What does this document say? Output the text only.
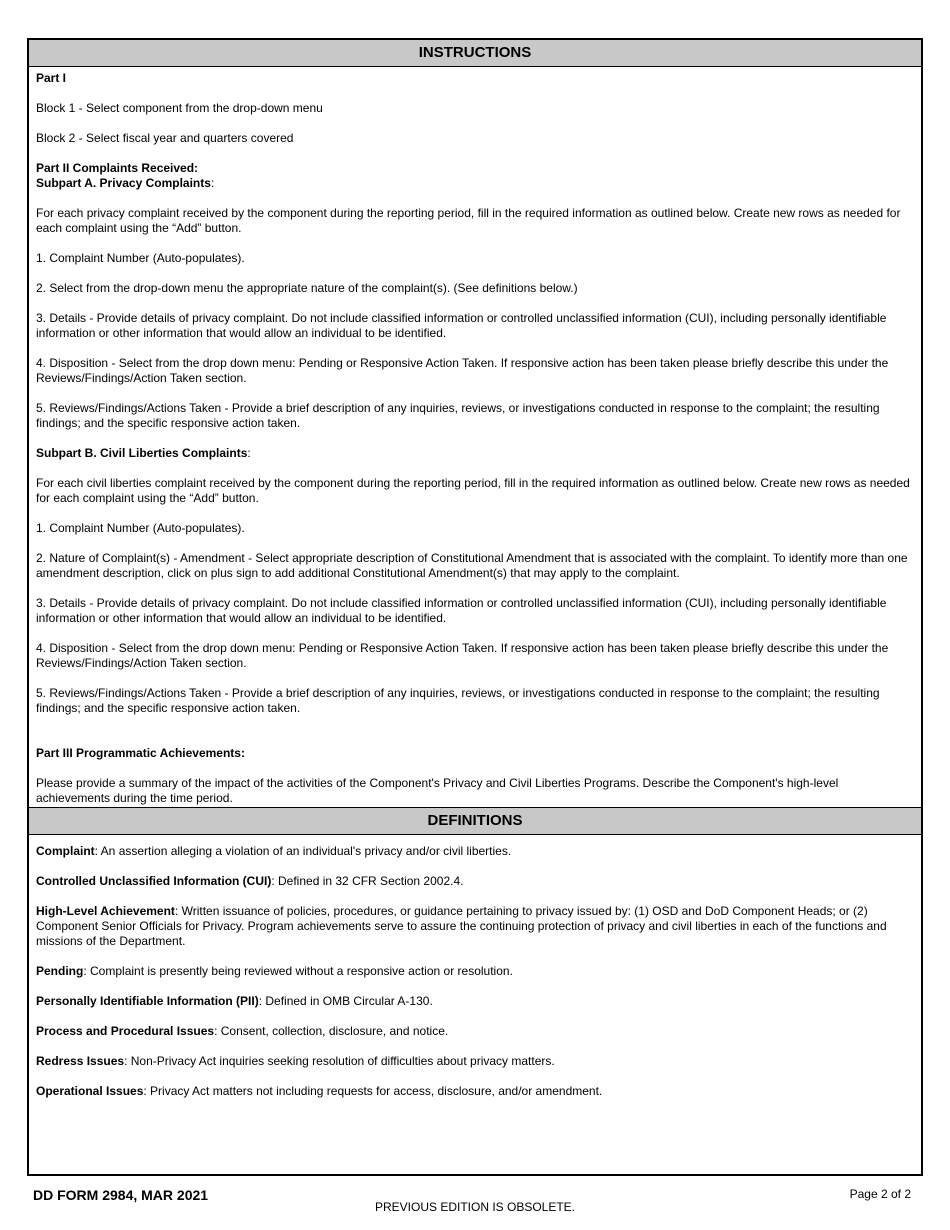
INSTRUCTIONS
Part I
Block 1 - Select component from the drop-down menu
Block 2 - Select fiscal year and quarters covered
Part II Complaints Received:
Subpart A. Privacy Complaints:
For each privacy complaint received by the component during the reporting period, fill in the required information as outlined below. Create new rows as needed for each complaint using the “Add” button.
1. Complaint Number (Auto-populates).
2. Select from the drop-down menu the appropriate nature of the complaint(s). (See definitions below.)
3. Details - Provide details of privacy complaint. Do not include classified information or controlled unclassified information (CUI), including personally identifiable information or other information that would allow an individual to be identified.
4. Disposition - Select from the drop down menu: Pending or Responsive Action Taken. If responsive action has been taken please briefly describe this under the Reviews/Findings/Action Taken section.
5. Reviews/Findings/Actions Taken - Provide a brief description of any inquiries, reviews, or investigations conducted in response to the complaint; the resulting findings; and the specific responsive action taken.
Subpart B. Civil Liberties Complaints:
For each civil liberties complaint received by the component during the reporting period, fill in the required information as outlined below. Create new rows as needed for each complaint using the “Add” button.
1. Complaint Number (Auto-populates).
2. Nature of Complaint(s) - Amendment - Select appropriate description of Constitutional Amendment that is associated with the complaint. To identify more than one amendment description, click on plus sign to add additional Constitutional Amendment(s) that may apply to the complaint.
3. Details - Provide details of privacy complaint. Do not include classified information or controlled unclassified information (CUI), including personally identifiable information or other information that would allow an individual to be identified.
4. Disposition - Select from the drop down menu: Pending or Responsive Action Taken. If responsive action has been taken please briefly describe this under the Reviews/Findings/Action Taken section.
5. Reviews/Findings/Actions Taken - Provide a brief description of any inquiries, reviews, or investigations conducted in response to the complaint; the resulting findings; and the specific responsive action taken.
Part III Programmatic Achievements:
Please provide a summary of the impact of the activities of the Component's Privacy and Civil Liberties Programs. Describe the Component's high-level achievements during the time period.
DEFINITIONS
Complaint: An assertion alleging a violation of an individual's privacy and/or civil liberties.
Controlled Unclassified Information (CUI): Defined in 32 CFR Section 2002.4.
High-Level Achievement: Written issuance of policies, procedures, or guidance pertaining to privacy issued by: (1) OSD and DoD Component Heads; or (2) Component Senior Officials for Privacy. Program achievements serve to assure the continuing protection of privacy and civil liberties in each of the functions and missions of the Department.
Pending: Complaint is presently being reviewed without a responsive action or resolution.
Personally Identifiable Information (PII): Defined in OMB Circular A-130.
Process and Procedural Issues: Consent, collection, disclosure, and notice.
Redress Issues: Non-Privacy Act inquiries seeking resolution of difficulties about privacy matters.
Operational Issues: Privacy Act matters not including requests for access, disclosure, and/or amendment.
DD FORM 2984, MAR 2021
PREVIOUS EDITION IS OBSOLETE.
Page 2 of 2
